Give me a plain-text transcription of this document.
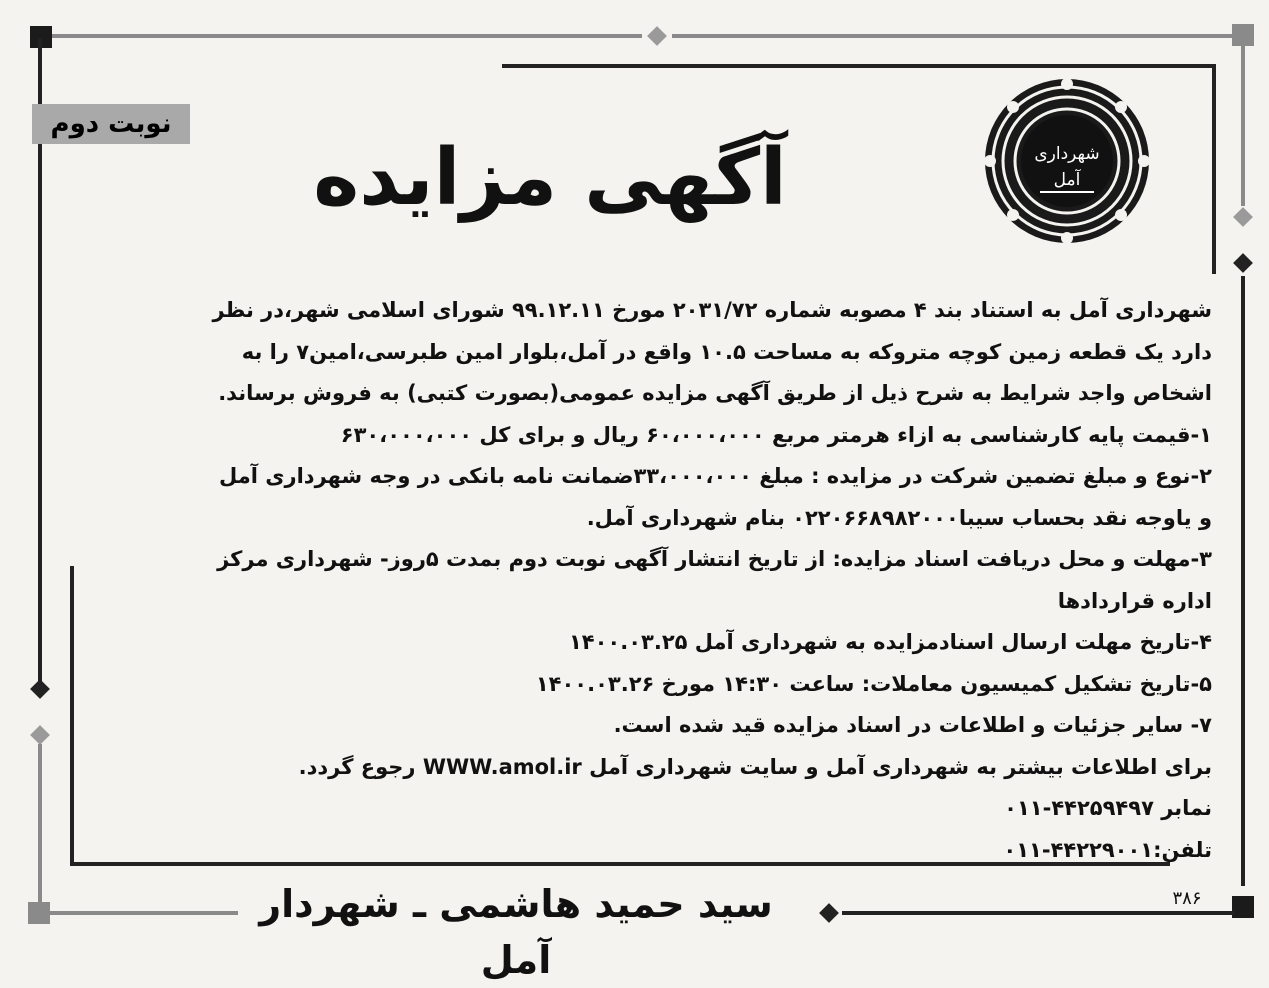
نوبت دوم
شهرداری
آمل
آگهی مزایده

شهرداری آمل به استناد بند ۴ مصوبه شماره ۲۰۳۱/۷۲ مورخ ۹۹.۱۲.۱۱ شورای اسلامی شهر،در نظر

دارد یک قطعه زمین کوچه متروکه به مساحت ۱۰.۵ واقع در آمل،بلوار امین طبرسی،امین۷ را به

اشخاص واجد شرایط به شرح ذیل از طریق آگهی مزایده عمومی(بصورت کتبی) به فروش برساند.

۱-قیمت پایه کارشناسی به ازاء هرمتر مربع ۶۰،۰۰۰،۰۰۰ ریال و برای کل ۶۳۰،۰۰۰،۰۰۰

۲-نوع و مبلغ تضمین شرکت در مزایده : مبلغ ۳۳،۰۰۰،۰۰۰ضمانت نامه بانکی در وجه شهرداری آمل

و یاوجه نقد بحساب سیبا۰۲۲۰۶۶۸۹۸۲۰۰۰ بنام شهرداری آمل.

۳-مهلت و محل دریافت اسناد مزایده: از تاریخ انتشار آگهی نوبت دوم بمدت ۵روز- شهرداری مرکز

اداره قراردادها

۴-تاریخ مهلت ارسال اسنادمزایده به شهرداری آمل ۱۴۰۰.۰۳.۲۵

۵-تاریخ تشکیل کمیسیون معاملات: ساعت ۱۴:۳۰ مورخ ۱۴۰۰.۰۳.۲۶

۷- سایر جزئیات و اطلاعات در اسناد مزایده قید شده است.

برای اطلاعات بیشتر به شهرداری آمل و سایت شهرداری آمل WWW.amol.ir رجوع گردد.

نمابر ۴۴۲۵۹۴۹۷-۰۱۱

تلفن:۴۴۲۲۹۰۰۱-۰۱۱

سید حمید هاشمی ـ شهردار آمل
۳۸۶
